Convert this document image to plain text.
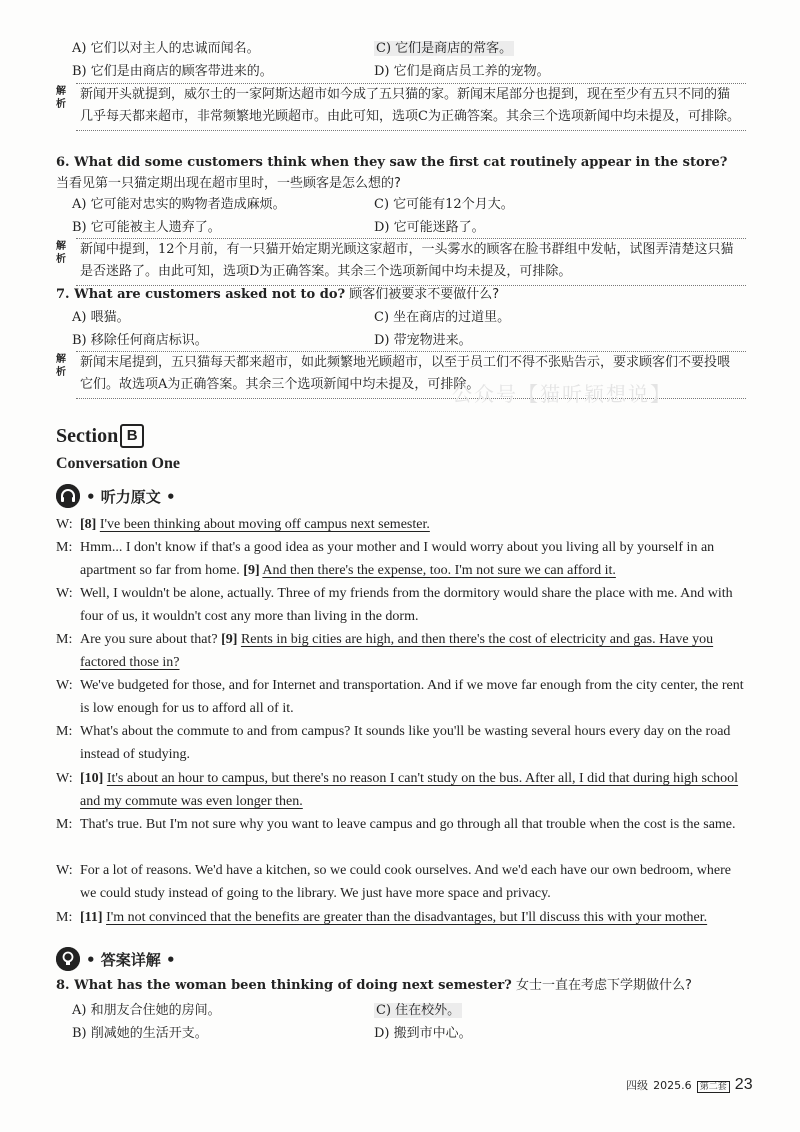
A) 它们以对主人的忠诚而闻名。	C) 它们是商店的常客。
B) 它们是由商店的顾客带进来的。	D) 它们是商店员工养的宠物。
解析
新闻开头就提到，威尔士的一家阿斯达超市如今成了五只猫的家。新闻末尾部分也提到，现在至少有五只不同的猫几乎每天都来超市，非常频繁地光顾超市。由此可知，选项C为正确答案。其余三个选项新闻中均未提及，可排除。
6. What did some customers think when they saw the first cat routinely appear in the store?
当看见第一只猫定期出现在超市里时，一些顾客是怎么想的?
A) 它可能对忠实的购物者造成麻烦。	C) 它可能有12个月大。
B) 它可能被主人遗弃了。	D) 它可能迷路了。
解析
新闻中提到，12个月前，有一只猫开始定期光顾这家超市，一头雾水的顾客在脸书群组中发帖，试图弄清楚这只猫是否迷路了。由此可知，选项D为正确答案。其余三个选项新闻中均未提及，可排除。
7. What are customers asked not to do? 顾客们被要求不要做什么?
A) 喂猫。	C) 坐在商店的过道里。
B) 移除任何商店标识。	D) 带宠物进来。
解析
新闻末尾提到，五只猫每天都来超市，如此频繁地光顾超市，以至于员工们不得不张贴告示，要求顾客们不要投喂它们。故选项A为正确答案。其余三个选项新闻中均未提及，可排除。
公众号【猫听颖想说】
Section B
Conversation One
• 听力原文 •
W: [8] I've been thinking about moving off campus next semester.
M: Hmm... I don't know if that's a good idea as your mother and I would worry about you living all by yourself in an apartment so far from home. [9] And then there's the expense, too. I'm not sure we can afford it.
W: Well, I wouldn't be alone, actually. Three of my friends from the dormitory would share the place with me. And with four of us, it wouldn't cost any more than living in the dorm.
M: Are you sure about that? [9] Rents in big cities are high, and then there's the cost of electricity and gas. Have you factored those in?
W: We've budgeted for those, and for Internet and transportation. And if we move far enough from the city center, the rent is low enough for us to afford all of it.
M: What's about the commute to and from campus? It sounds like you'll be wasting several hours every day on the road instead of studying.
W: [10] It's about an hour to campus, but there's no reason I can't study on the bus. After all, I did that during high school and my commute was even longer then.
M: That's true. But I'm not sure why you want to leave campus and go through all that trouble when the cost is the same.
W: For a lot of reasons. We'd have a kitchen, so we could cook ourselves. And we'd each have our own bedroom, where we could study instead of going to the library. We just have more space and privacy.
M: [11] I'm not convinced that the benefits are greater than the disadvantages, but I'll discuss this with your mother.
• 答案详解 •
8. What has the woman been thinking of doing next semester? 女士一直在考虑下学期做什么?
A) 和朋友合住她的房间。	C) 住在校外。
B) 削减她的生活开支。	D) 搬到市中心。
四级 2025.6 第二套 23
